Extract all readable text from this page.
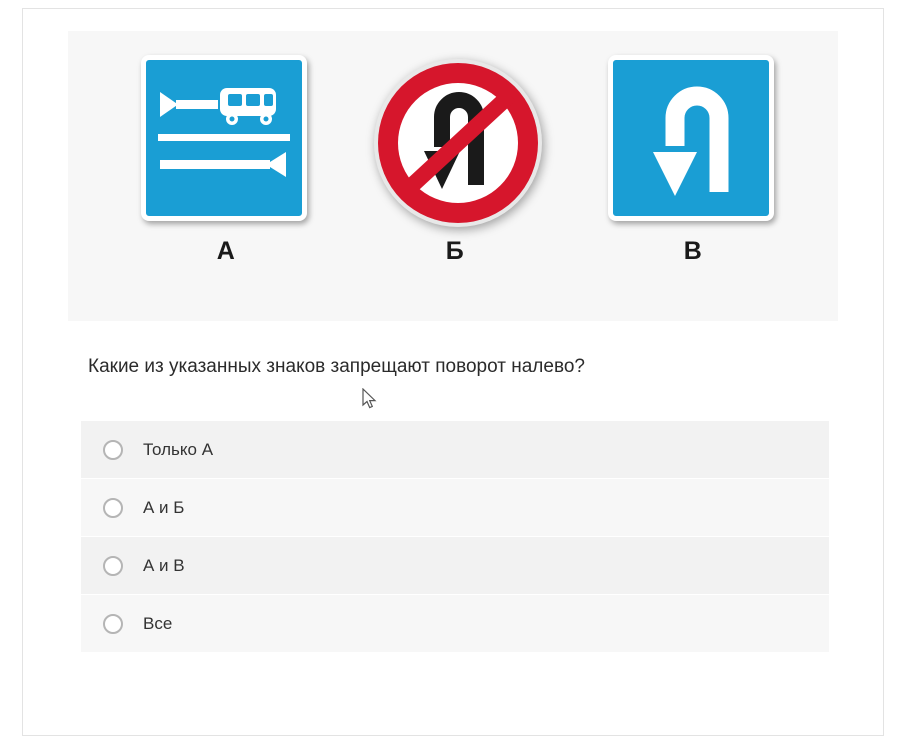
А	Б	В
Какие из указанных знаков запрещают поворот налево?
Только А
А и Б
А и В
Все
